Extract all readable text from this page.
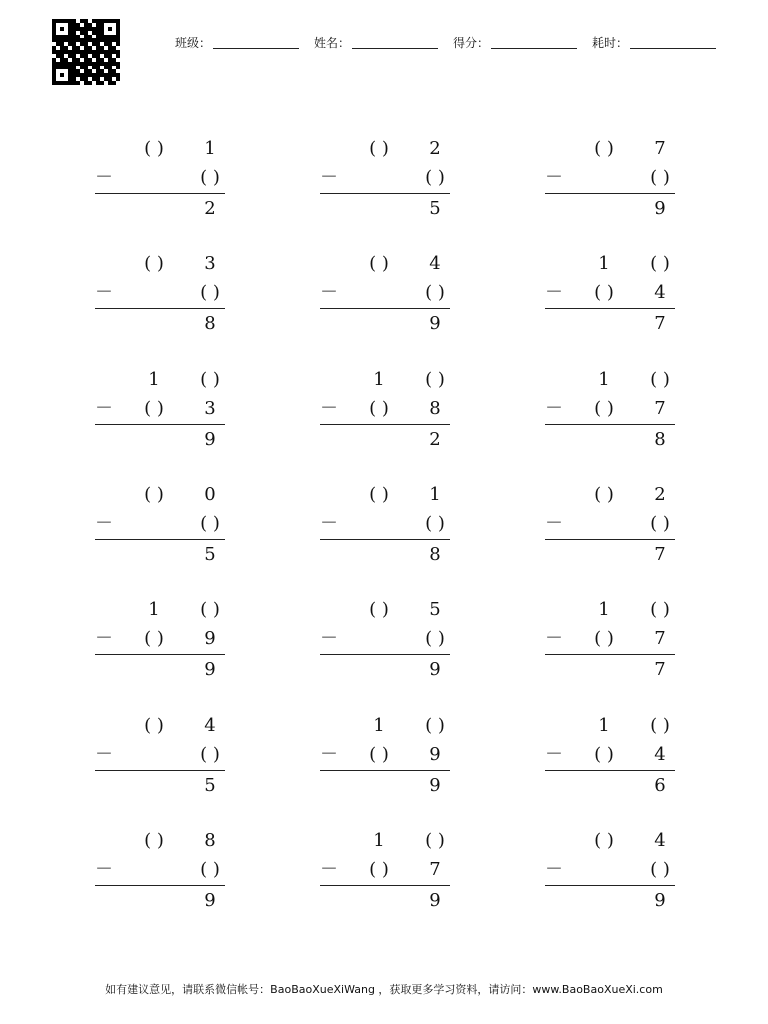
班级：	姓名：	得分：	耗时：
( )	1
－	( )
2
( )	2
－	( )
5
( )	7
－	( )
9
( )	3
－	( )
8
( )	4
－	( )
9
1	( )
－ ( )	4
7
1	( )
－ ( )	3
9
1	( )
－ ( )	8
2
1	( )
－ ( )	7
8
( )	0
－	( )
5
( )	1
－	( )
8
( )	2
－	( )
7
1	( )
－ ( )	9
9
( )	5
－	( )
9
1	( )
－ ( )	7
7
( )	4
－	( )
5
1	( )
－ ( )	9
9
1	( )
－ ( )	4
6
( )	8
－	( )
9
1	( )
－ ( )	7
9
( )	4
－	( )
9
如有建议意见，请联系微信帐号：BaoBaoXueXiWang ，获取更多学习资料，请访问：www.BaoBaoXueXi.com
